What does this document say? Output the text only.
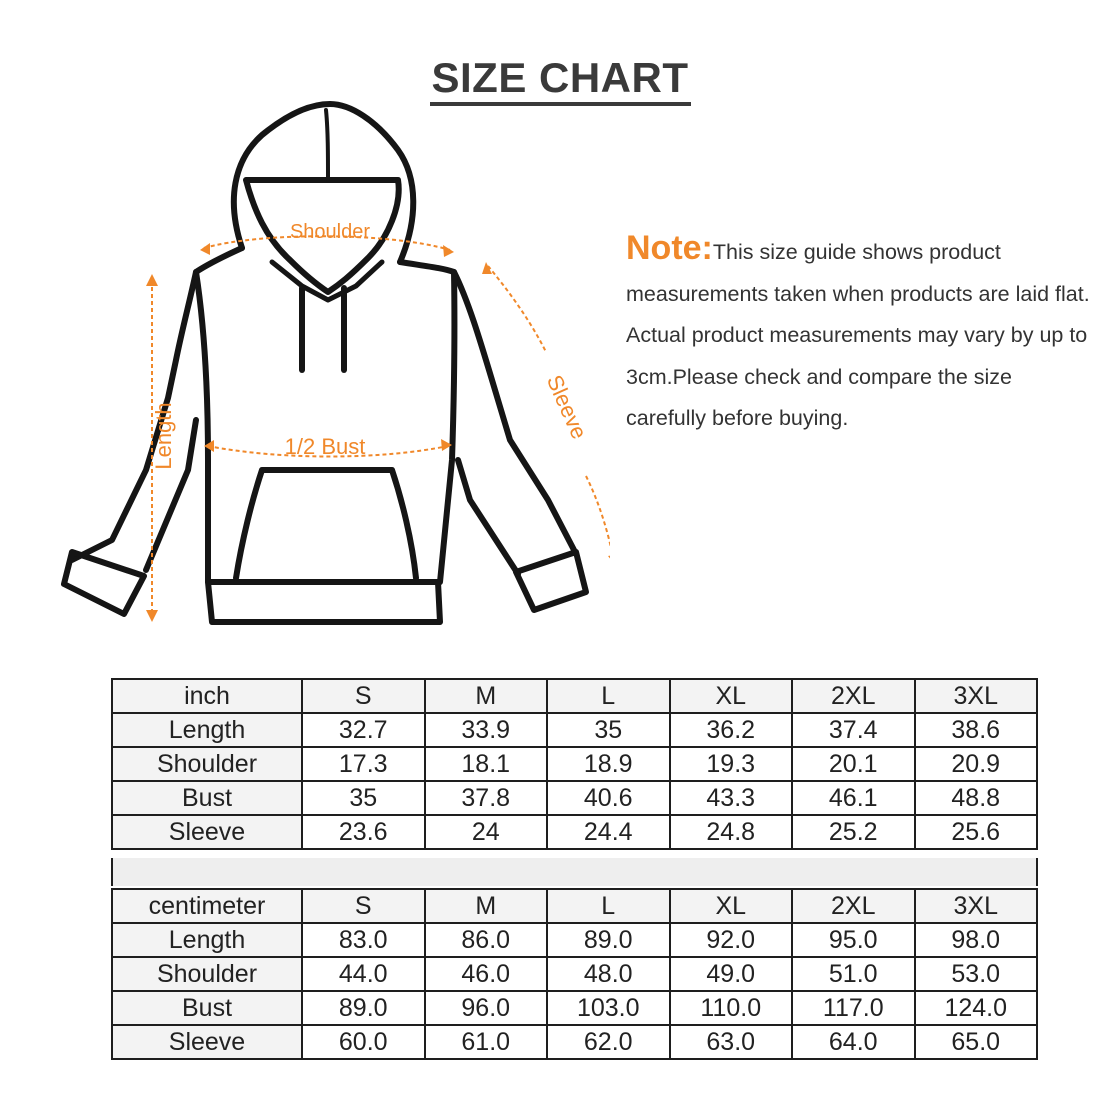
SIZE CHART
Shoulder
1/2 Bust
Length	Sleeve
Note:This size guide shows product measurements taken when products are laid flat. Actual product measurements may vary by up to 3cm.Please check and compare the size carefully before buying.
inch	S	M	L	XL	2XL	3XL
Length	32.7	33.9	35	36.2	37.4	38.6
Shoulder	17.3	18.1	18.9	19.3	20.1	20.9
Bust	35	37.8	40.6	43.3	46.1	48.8
Sleeve	23.6	24	24.4	24.8	25.2	25.6
centimeter	S	M	L	XL	2XL	3XL
Length	83.0	86.0	89.0	92.0	95.0	98.0
Shoulder	44.0	46.0	48.0	49.0	51.0	53.0
Bust	89.0	96.0	103.0	110.0	117.0	124.0
Sleeve	60.0	61.0	62.0	63.0	64.0	65.0
